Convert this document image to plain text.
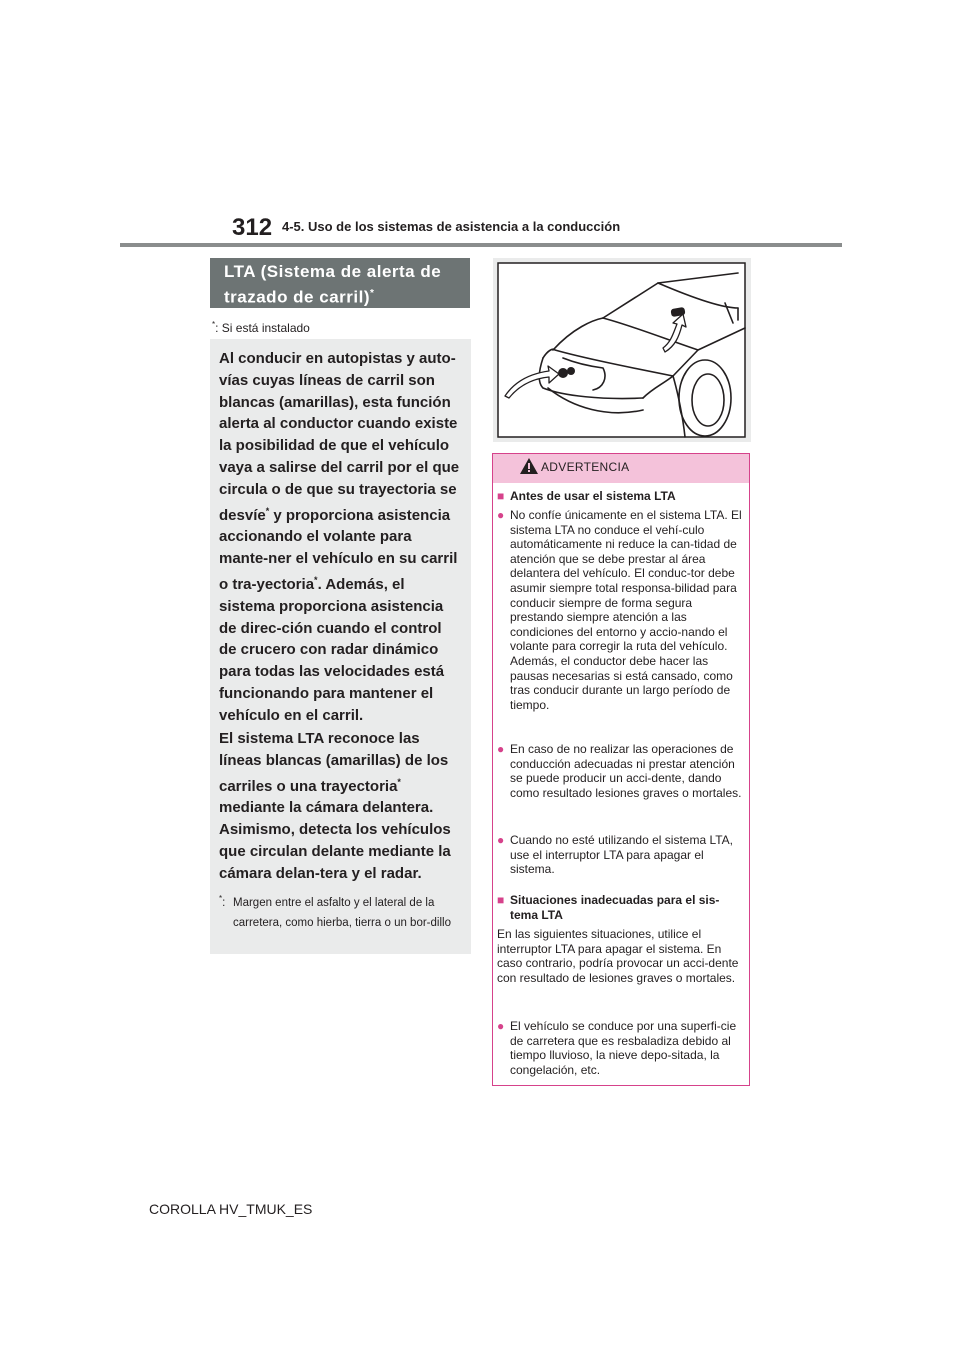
312 4-5. Uso de los sistemas de asistencia a la conducción
LTA (Sistema de alerta de
trazado de carril)*
*: Si está instalado
Al conducir en autopistas y auto-vías cuyas líneas de carril son blancas (amarillas), esta función alerta al conductor cuando existe la posibilidad de que el vehículo vaya a salirse del carril por el que circula o de que su trayectoria se desvíe* y proporciona asistencia accionando el volante para mante-ner el vehículo en su carril o tra-yectoria*. Además, el sistema proporciona asistencia de direc-ción cuando el control de crucero con radar dinámico para todas las velocidades está funcionando para mantener el vehículo en el carril.
El sistema LTA reconoce las líneas blancas (amarillas) de los carriles o una trayectoria* mediante la cámara delantera. Asimismo, detecta los vehículos que circulan delante mediante la cámara delan-tera y el radar.
*: Margen entre el asfalto y el lateral de la carretera, como hierba, tierra o un bor-dillo
ADVERTENCIA
■ Antes de usar el sistema LTA
● No confíe únicamente en el sistema LTA. El sistema LTA no conduce el vehí-culo automáticamente ni reduce la can-tidad de atención que se debe prestar al área delantera del vehículo. El conduc-tor debe asumir siempre total responsa-bilidad para conducir siempre de forma segura prestando siempre atención a las condiciones del entorno y accio-nando el volante para corregir la ruta del vehículo. Además, el conductor debe hacer las pausas necesarias si está cansado, como tras conducir durante un largo período de tiempo.
● En caso de no realizar las operaciones de conducción adecuadas ni prestar atención se puede producir un acci-dente, dando como resultado lesiones graves o mortales.
● Cuando no esté utilizando el sistema LTA, use el interruptor LTA para apagar el sistema.
■ Situaciones inadecuadas para el sis-tema LTA
En las siguientes situaciones, utilice el interruptor LTA para apagar el sistema. En caso contrario, podría provocar un acci-dente con resultado de lesiones graves o mortales.
● El vehículo se conduce por una superfi-cie de carretera que es resbaladiza debido al tiempo lluvioso, la nieve depo-sitada, la congelación, etc.
COROLLA HV_TMUK_ES
